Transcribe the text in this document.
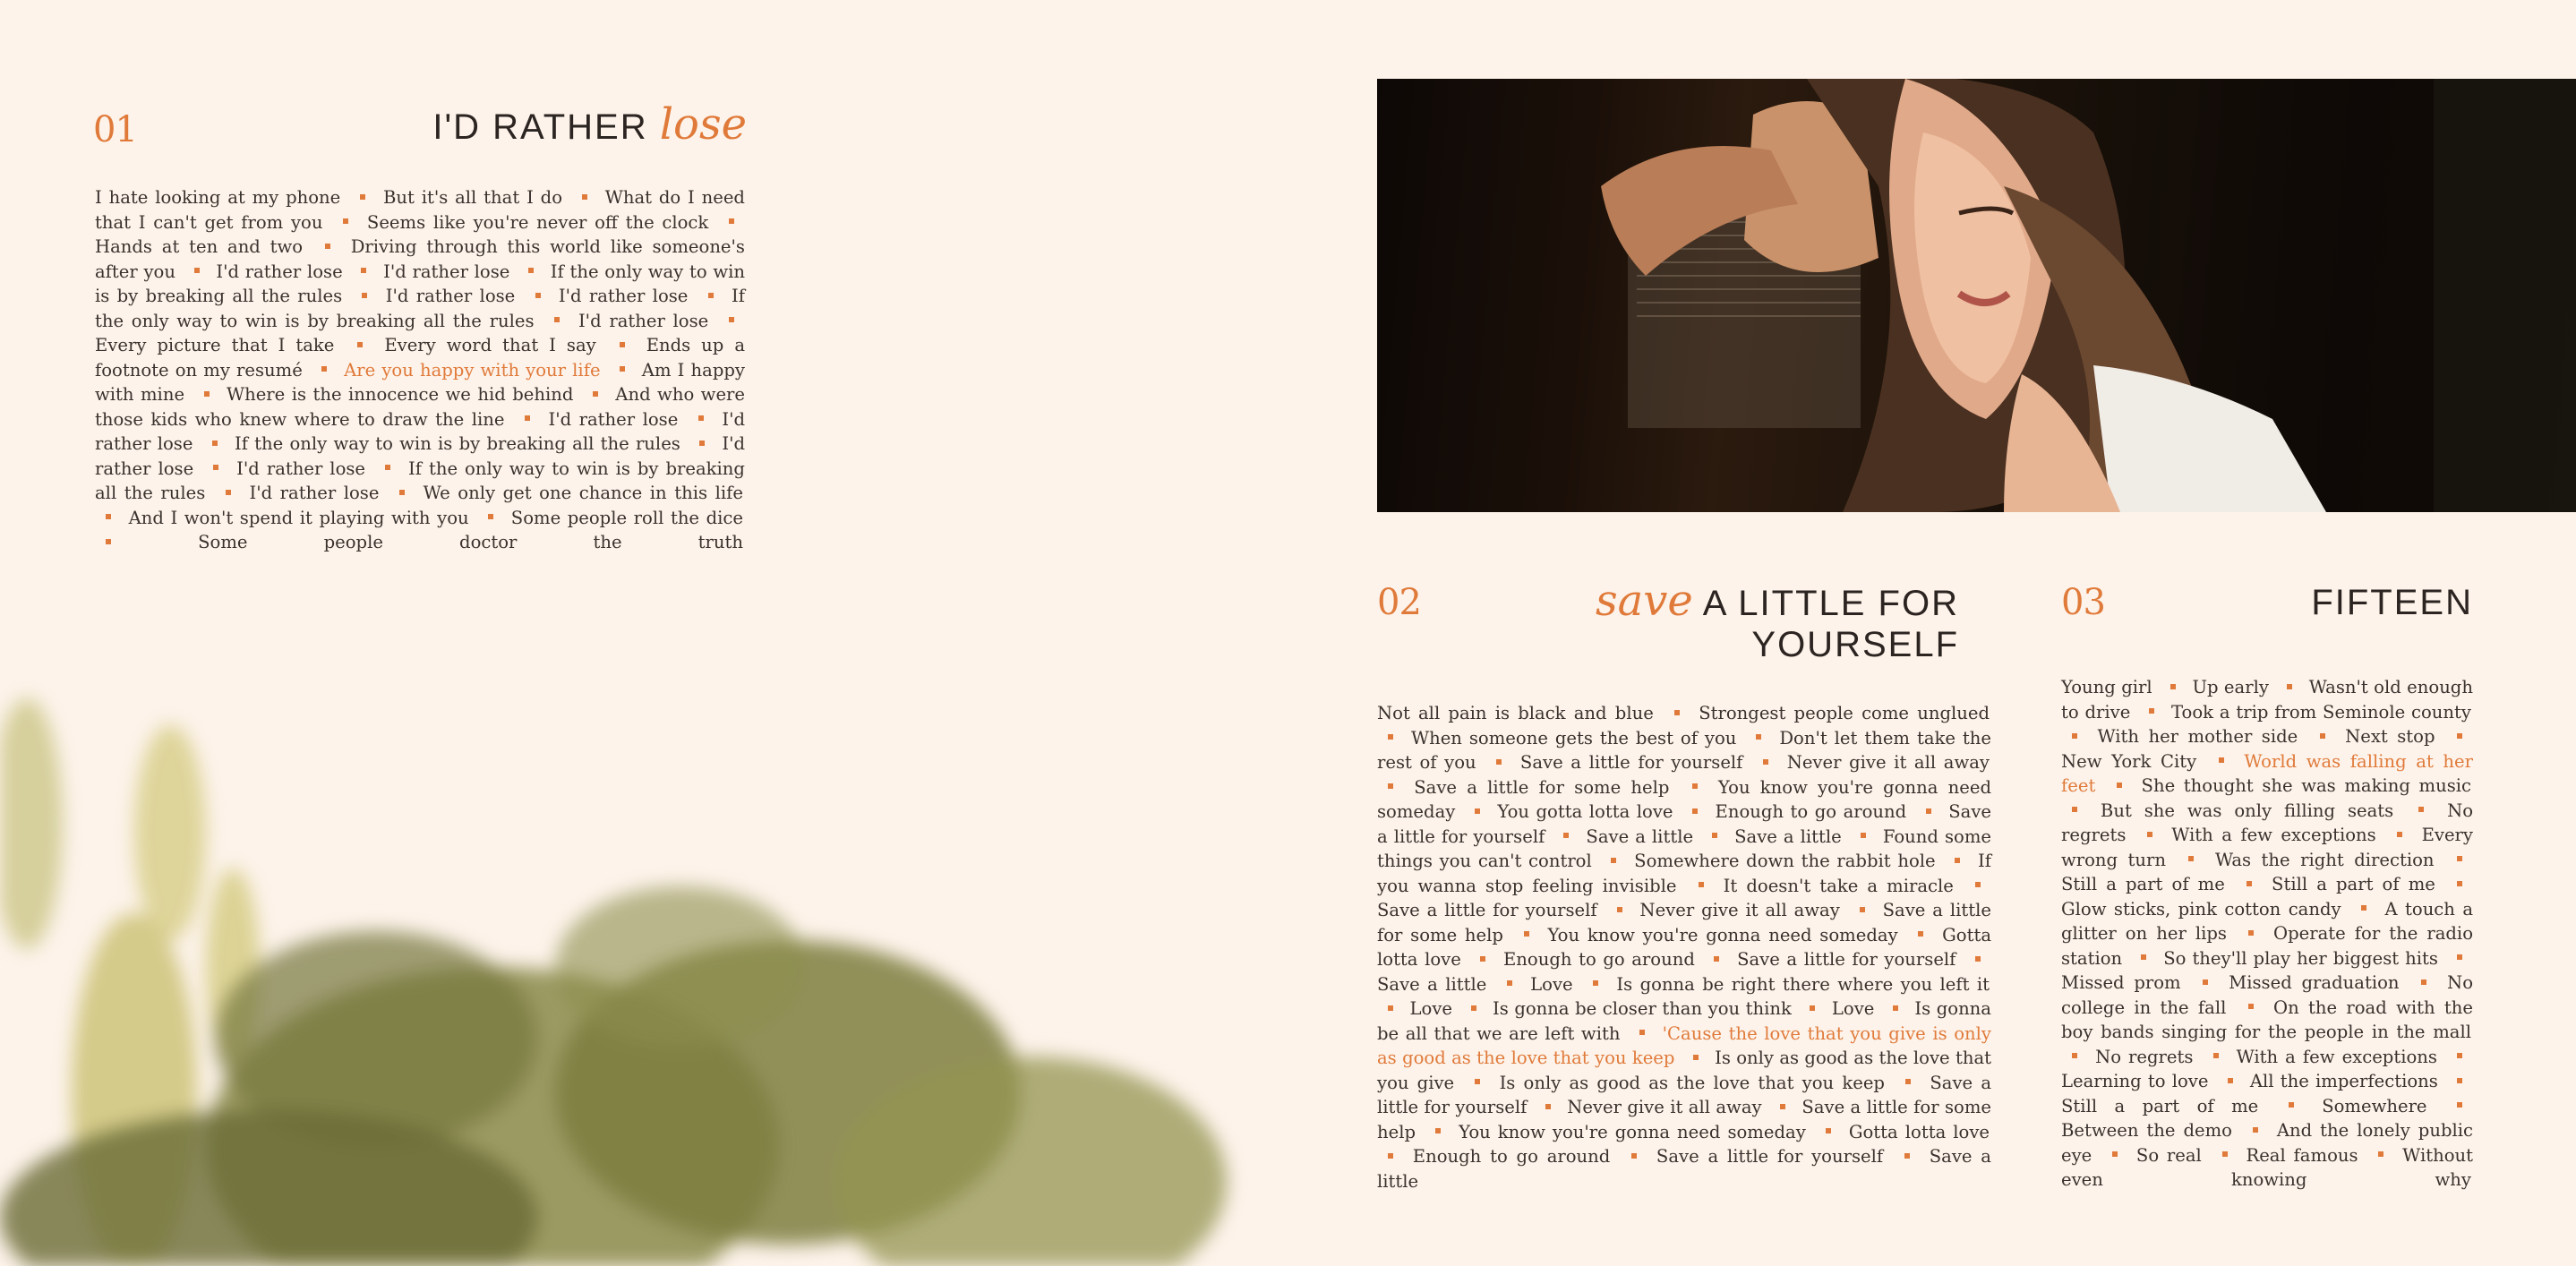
01	I'D RATHER lose
I hate looking at my phone But it's all that I do What do I need that I can't get from you	Seems like you're never off the clock  Hands at ten and two	Driving through this world like someone's after you I'd rather lose I'd rather lose If the only way to win is by breaking all the rules I'd rather lose I'd rather lose If the only way to win is by breaking all the rules	I'd rather lose  Every picture that I take	Every word that I say	Ends up a footnote on my resumé Are you happy with your life Am I happy with mine Where is the innocence we hid behind And who were those kids who knew where to draw the line	I'd rather lose	I'd rather lose If the only way to win is by breaking all the rules I'd rather lose I'd rather lose If the only way to win is by breaking all the rules	I'd rather lose	We only get one chance in this life  And I won't spend it playing with you Some people roll the dice  Some people doctor the truth
02	save A LITTLE FOR
YOURSELF
Not all pain is black and blue	Strongest people come unglued  When someone gets the best of you Don't let them take the rest of you	Save a little for yourself	Never give it all away  Save a little for some help	You know you're gonna need someday You gotta lotta love Enough to go around Save a little for yourself Save a little Save a little Found some things you can't control Somewhere down the rabbit hole If you wanna stop feeling invisible	It doesn't take a miracle  Save a little for yourself Never give it all away Save a little for some help	You know you're gonna need someday	Gotta lotta love Enough to go around Save a little for yourself  Save a little Love Is gonna be right there where you left it  Love Is gonna be closer than you think Love Is gonna be all that we are left with 'Cause the love that you give is only as good as the love that you keep Is only as good as the love that you give	Is only as good as the love that you keep	Save a little for yourself Never give it all away Save a little for some help You know you're gonna need someday Gotta lotta love  Enough to go around	Save a little for yourself	Save a little
03	FIFTEEN
Young girl Up early Wasn't old enough to drive Took a trip from Seminole county  With her mother side	Next stop  New York City	World was falling at her feet	She thought she was making music  But she was only filling seats	No regrets	With a few exceptions	Every wrong turn	Was the right direction  Still a part of me	Still a part of me  Glow sticks, pink cotton candy A touch a glitter on her lips	Operate for the radio station So they'll play her biggest hits  Missed prom	Missed graduation	No college in the fall	On the road with the boy bands singing for the people in the mall  No regrets With a few exceptions  Learning to love All the imperfections  Still a part of me	Somewhere  Between the demo	And the lonely public eye	So real	Real famous	Without even knowing why
